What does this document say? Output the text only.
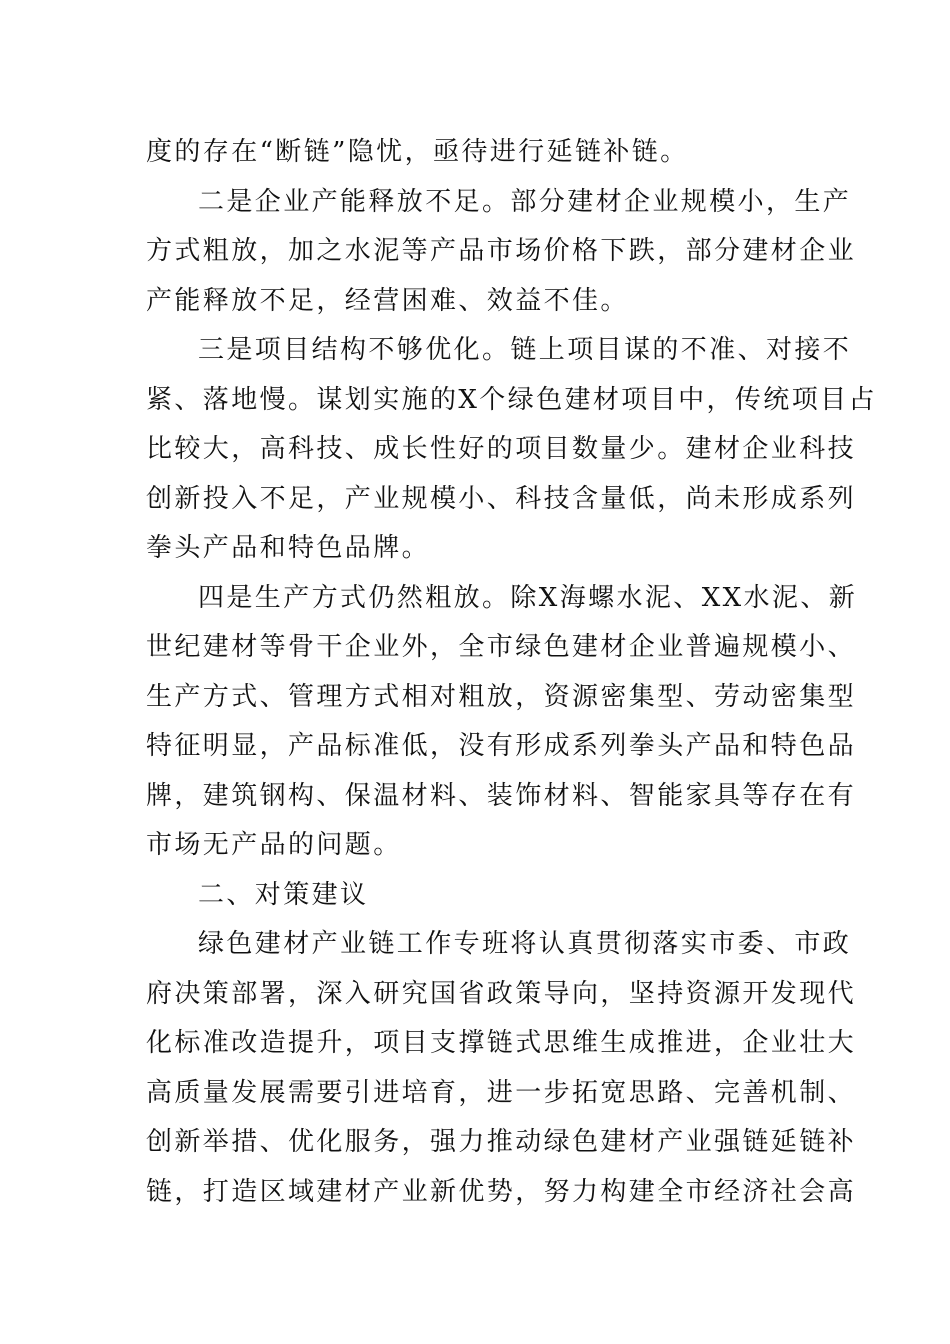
度的存在“断链”隐忧，亟待进行延链补链。
二是企业产能释放不足。部分建材企业规模小，生产
方式粗放，加之水泥等产品市场价格下跌，部分建材企业
产能释放不足，经营困难、效益不佳。
三是项目结构不够优化。链上项目谋的不准、对接不
紧、落地慢。谋划实施的X个绿色建材项目中，传统项目占
比较大，高科技、成长性好的项目数量少。建材企业科技
创新投入不足，产业规模小、科技含量低，尚未形成系列
拳头产品和特色品牌。
四是生产方式仍然粗放。除X海螺水泥、XX水泥、新
世纪建材等骨干企业外，全市绿色建材企业普遍规模小、
生产方式、管理方式相对粗放，资源密集型、劳动密集型
特征明显，产品标准低，没有形成系列拳头产品和特色品
牌，建筑钢构、保温材料、装饰材料、智能家具等存在有
市场无产品的问题。
二、对策建议
绿色建材产业链工作专班将认真贯彻落实市委、市政
府决策部署，深入研究国省政策导向，坚持资源开发现代
化标准改造提升，项目支撑链式思维生成推进，企业壮大
高质量发展需要引进培育，进一步拓宽思路、完善机制、
创新举措、优化服务，强力推动绿色建材产业强链延链补
链，打造区域建材产业新优势，努力构建全市经济社会高
